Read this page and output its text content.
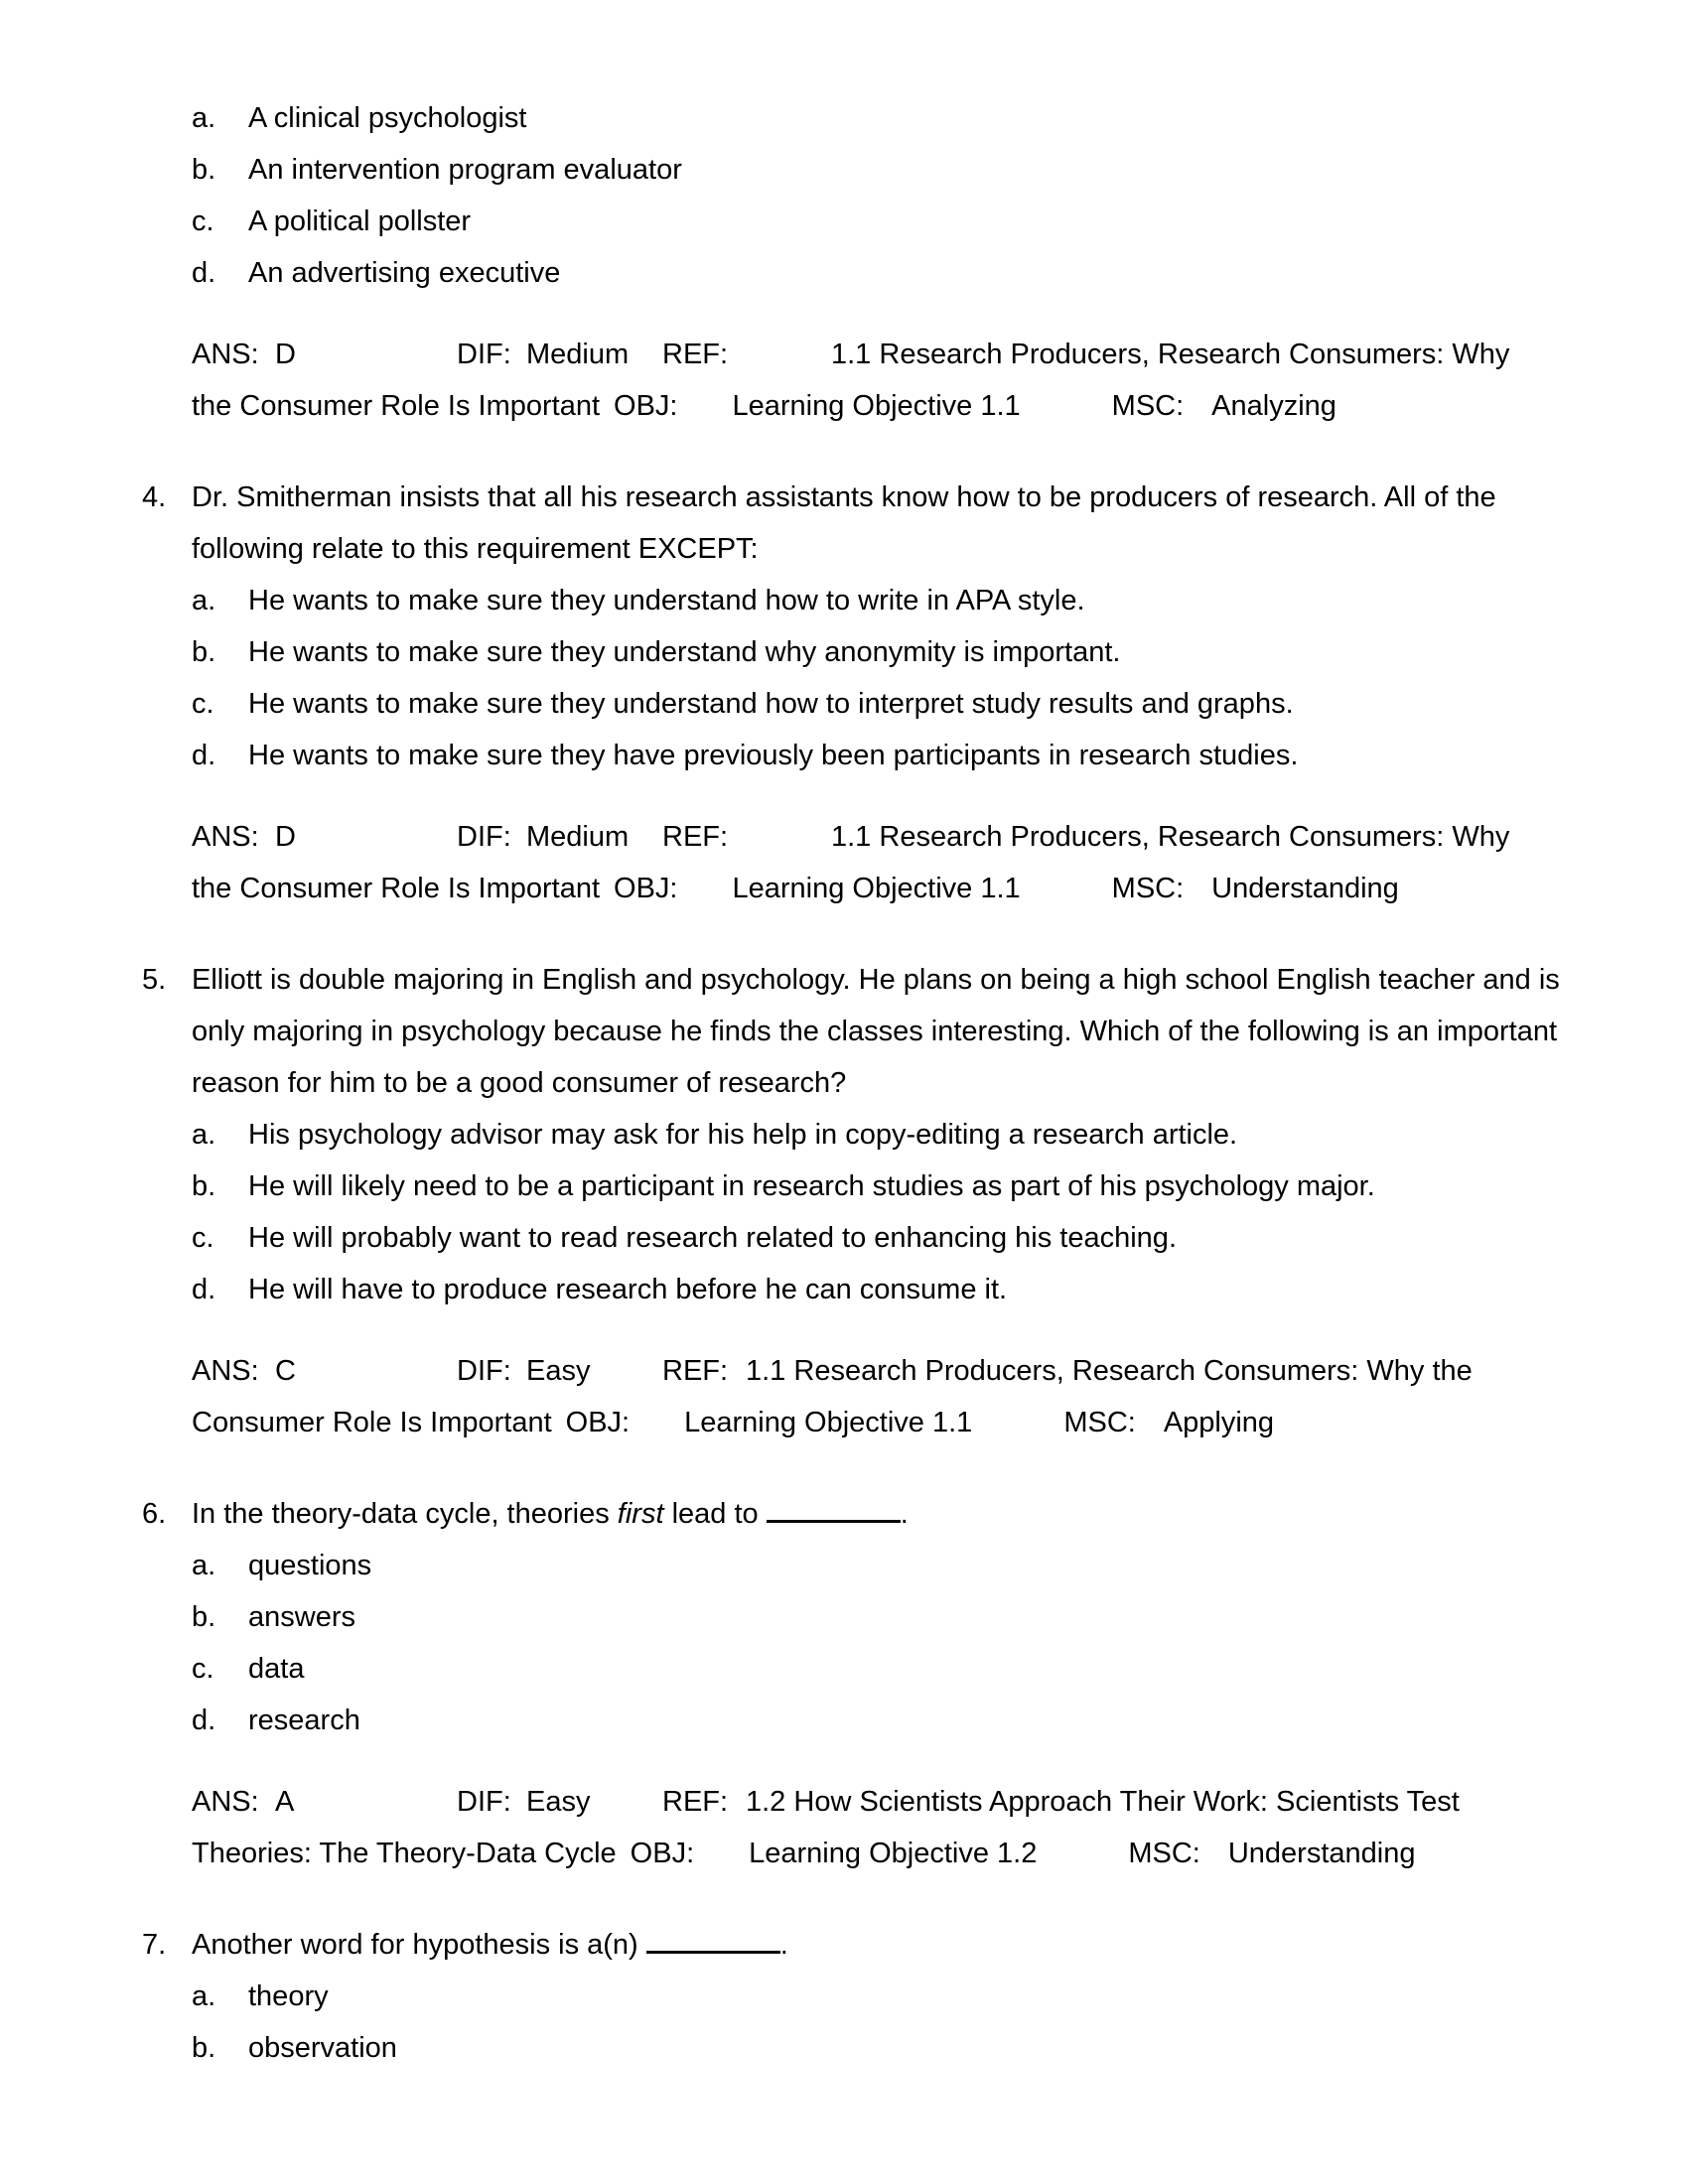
a.	A clinical psychologist
b.	An intervention program evaluator
c.	A political pollster
d.	An advertising executive
ANS: D	DIF: Medium	REF:	1.1 Research Producers, Research Consumers: Why
the Consumer Role Is Important OBJ: Learning Objective 1.1	MSC: Analyzing
4. Dr. Smitherman insists that all his research assistants know how to be producers of research. All of the following relate to this requirement EXCEPT:
a.	He wants to make sure they understand how to write in APA style.
b.	He wants to make sure they understand why anonymity is important.
c.	He wants to make sure they understand how to interpret study results and graphs.
d.	He wants to make sure they have previously been participants in research studies.
ANS: D	DIF: Medium	REF:	1.1 Research Producers, Research Consumers: Why
the Consumer Role Is Important OBJ: Learning Objective 1.1	MSC: Understanding
5. Elliott is double majoring in English and psychology. He plans on being a high school English teacher and is only majoring in psychology because he finds the classes interesting. Which of the following is an important reason for him to be a good consumer of research?
a.	His psychology advisor may ask for his help in copy-editing a research article.
b.	He will likely need to be a participant in research studies as part of his psychology major.
c.	He will probably want to read research related to enhancing his teaching.
d.	He will have to produce research before he can consume it.
ANS: C	DIF: Easy	REF: 1.1 Research Producers, Research Consumers: Why the
Consumer Role Is Important OBJ: Learning Objective 1.1	MSC: Applying
6. In the theory-data cycle, theories first lead to	.
a.	questions
b.	answers
c.	data
d.	research
ANS: A	DIF: Easy	REF: 1.2 How Scientists Approach Their Work: Scientists Test
Theories: The Theory-Data Cycle OBJ: Learning Objective 1.2	MSC: Understanding
7. Another word for hypothesis is a(n)	.
a.	theory
b.	observation
